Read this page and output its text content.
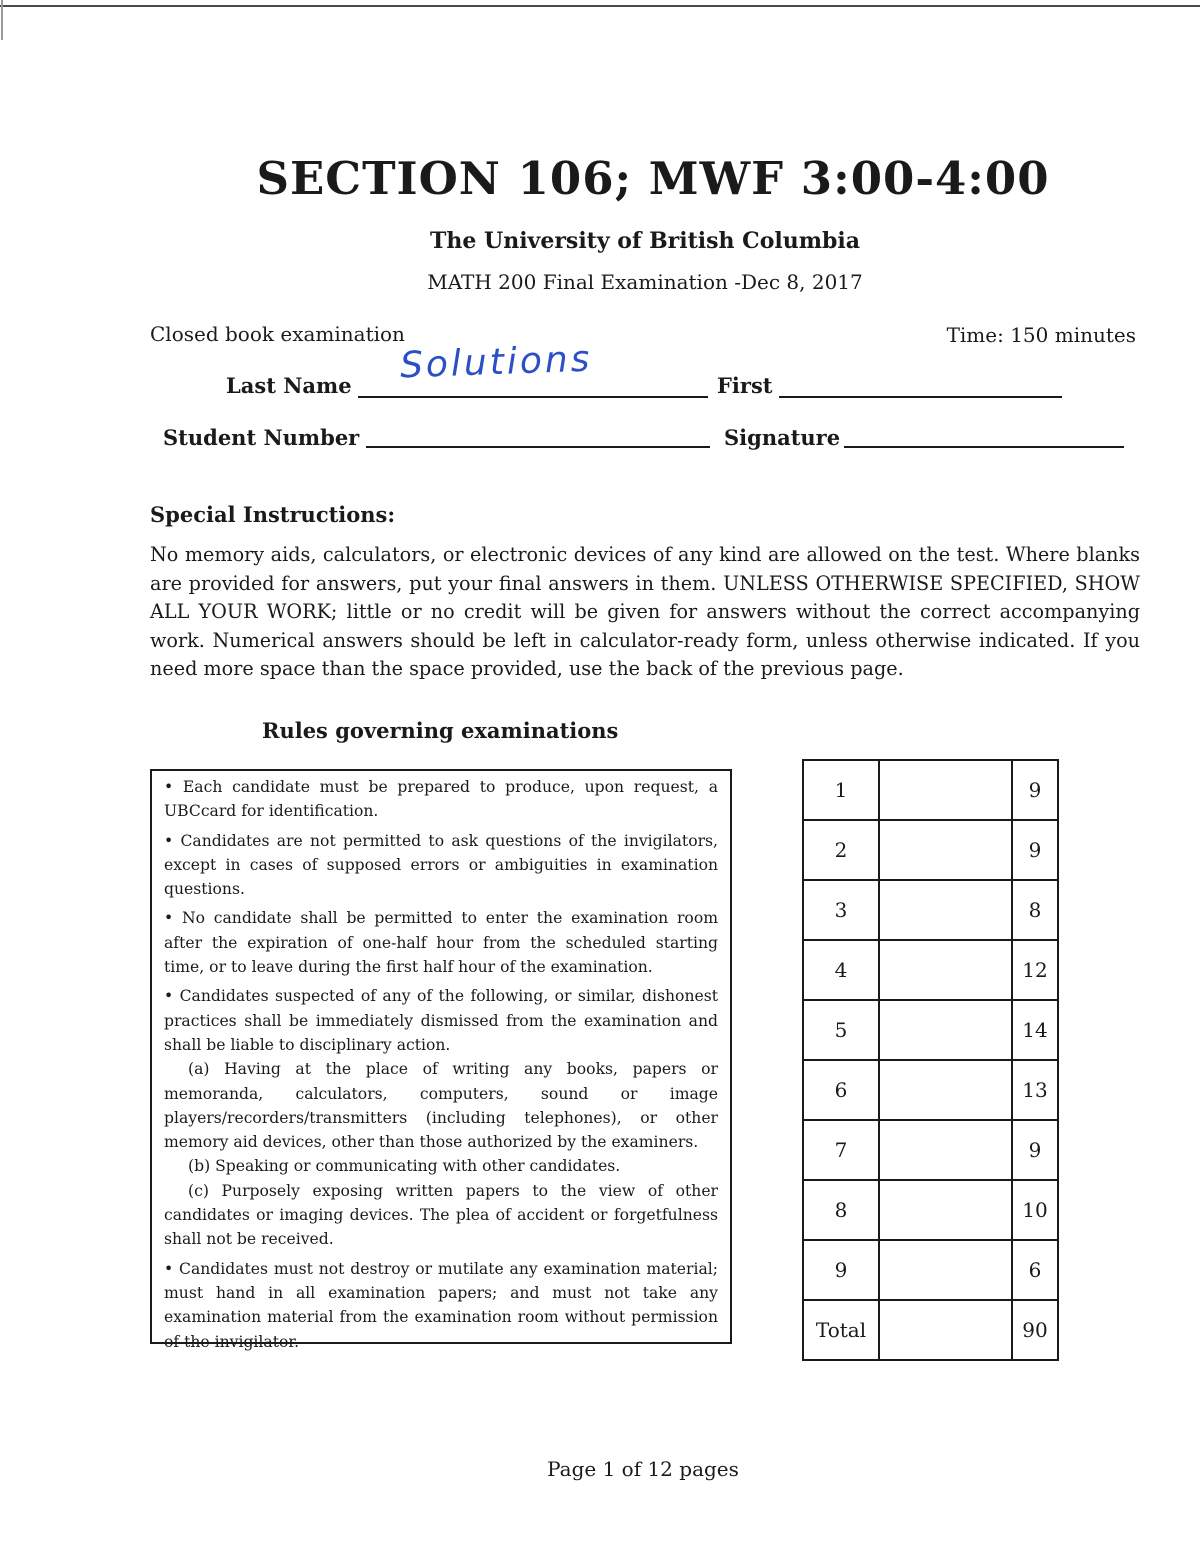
SECTION 106; MWF 3:00-4:00
The University of British Columbia
MATH 200 Final Examination -Dec 8, 2017
Closed book examination	Time: 150 minutes
Last Name Solutions	First
Student Number	Signature
Special Instructions:
No memory aids, calculators, or electronic devices of any kind are allowed on the test. Where blanks are provided for answers, put your final answers in them. UNLESS OTHERWISE SPECIFIED, SHOW ALL YOUR WORK; little or no credit will be given for answers without the correct accompanying work. Numerical answers should be left in calculator-ready form, unless otherwise indicated. If you need more space than the space provided, use the back of the previous page.
Rules governing examinations

• Each candidate must be prepared to produce, upon request, a UBCcard for identification.

• Candidates are not permitted to ask questions of the invigilators, except in cases of supposed errors or ambiguities in examination questions.

• No candidate shall be permitted to enter the examination room after the expiration of one-half hour from the scheduled starting time, or to leave during the first half hour of the examination.

• Candidates suspected of any of the following, or similar, dishonest practices shall be immediately dismissed from the examination and shall be liable to disciplinary action.

(a) Having at the place of writing any books, papers or memoranda, calculators, computers, sound or image players/recorders/transmitters (including telephones), or other memory aid devices, other than those authorized by the examiners.

(b) Speaking or communicating with other candidates.

(c) Purposely exposing written papers to the view of other candidates or imaging devices. The plea of accident or forgetfulness shall not be received.

• Candidates must not destroy or mutilate any examination material; must hand in all examination papers; and must not take any examination material from the examination room without permission of the invigilator.

1		9
2		9
3		8
4		12
5		14
6		13
7		9
8		10
9		6
Total		90
Page 1 of 12 pages
